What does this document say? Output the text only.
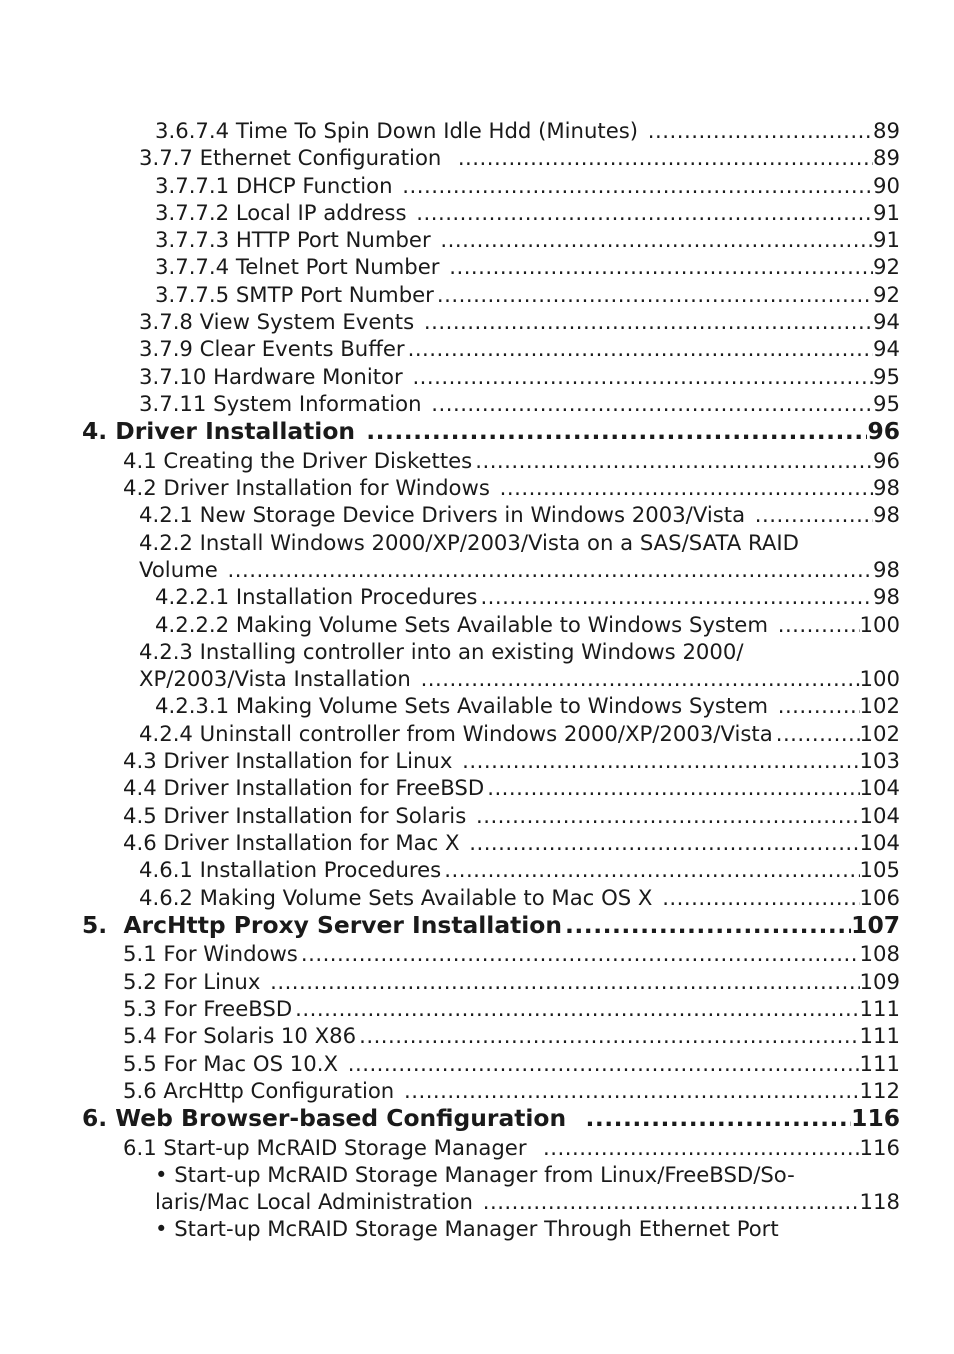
3.6.7.4 Time To Spin Down Idle Hdd (Minutes) .....	89
3.7.7 Ethernet Configuration .....	89
3.7.7.1 DHCP Function .....	90
3.7.7.2 Local IP address .....	91
3.7.7.3 HTTP Port Number .....	91
3.7.7.4 Telnet Port Number .....	92
3.7.7.5 SMTP Port Number .....	92
3.7.8 View System Events .....	94
3.7.9 Clear Events Buffer .....	94
3.7.10 Hardware Monitor .....	95
3.7.11 System Information .....	95
4. Driver Installation .....	96
4.1 Creating the Driver Diskettes .....	96
4.2 Driver Installation for Windows .....	98
4.2.1 New Storage Device Drivers in Windows 2003/Vista .....	98
4.2.2 Install Windows 2000/XP/2003/Vista on a SAS/SATA RAID
Volume .....	98
4.2.2.1 Installation Procedures .....	98
4.2.2.2 Making Volume Sets Available to Windows System .....	100
4.2.3 Installing controller into an existing Windows 2000/
XP/2003/Vista Installation .....	100
4.2.3.1 Making Volume Sets Available to Windows System .....	102
4.2.4 Uninstall controller from Windows 2000/XP/2003/Vista .....	102
4.3 Driver Installation for Linux .....	103
4.4 Driver Installation for FreeBSD .....	104
4.5 Driver Installation for Solaris .....	104
4.6 Driver Installation for Mac X .....	104
4.6.1 Installation Procedures .....	105
4.6.2 Making Volume Sets Available to Mac OS X .....	106
5.  ArcHttp Proxy Server Installation .....	107
5.1 For Windows .....	108
5.2 For Linux .....	109
5.3 For FreeBSD .....	111
5.4 For Solaris 10 X86 .....	111
5.5 For Mac OS 10.X .....	111
5.6 ArcHttp Configuration .....	112
6. Web Browser-based Configuration .....	116
6.1 Start-up McRAID Storage Manager .....	116
• Start-up McRAID Storage Manager from Linux/FreeBSD/So-
laris/Mac Local Administration .....	118
• Start-up McRAID Storage Manager Through Ethernet Port
